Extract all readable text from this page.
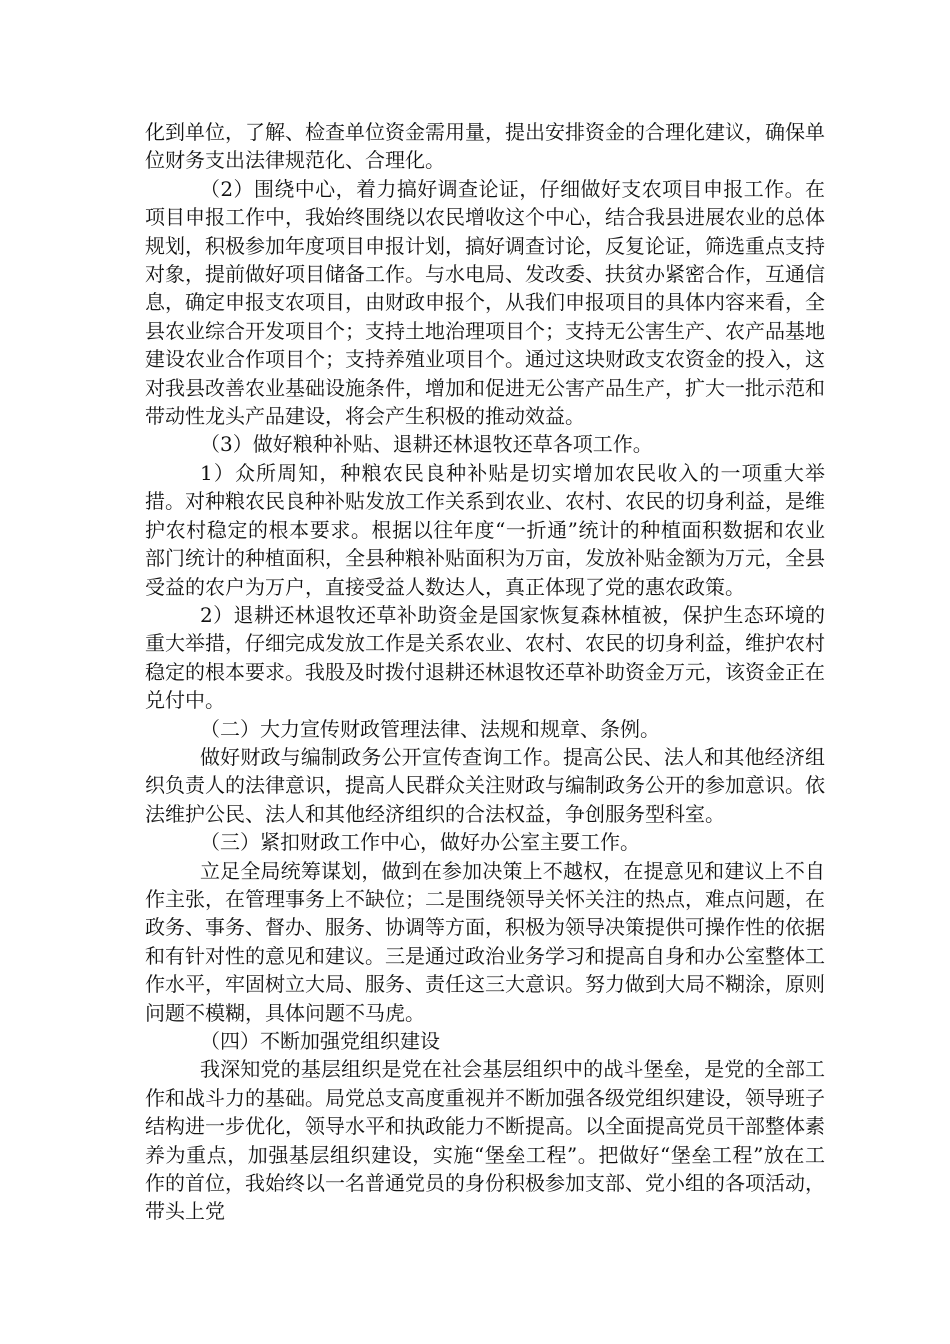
化到单位，了解、检查单位资金需用量，提出安排资金的合理化建议，确保单位财务支出法律规范化、合理化。

（2）围绕中心，着力搞好调查论证，仔细做好支农项目申报工作。在项目申报工作中，我始终围绕以农民增收这个中心，结合我县进展农业的总体规划，积极参加年度项目申报计划，搞好调查讨论，反复论证，筛选重点支持对象，提前做好项目储备工作。与水电局、发改委、扶贫办紧密合作，互通信息，确定申报支农项目，由财政申报个，从我们申报项目的具体内容来看，全县农业综合开发项目个；支持土地治理项目个；支持无公害生产、农产品基地建设农业合作项目个；支持养殖业项目个。通过这块财政支农资金的投入，这对我县改善农业基础设施条件，增加和促进无公害产品生产，扩大一批示范和带动性龙头产品建设，将会产生积极的推动效益。

（3）做好粮种补贴、退耕还林退牧还草各项工作。

1）众所周知，种粮农民良种补贴是切实增加农民收入的一项重大举措。对种粮农民良种补贴发放工作关系到农业、农村、农民的切身利益，是维护农村稳定的根本要求。根据以往年度“一折通”统计的种植面积数据和农业部门统计的种植面积，全县种粮补贴面积为万亩，发放补贴金额为万元，全县受益的农户为万户，直接受益人数达人，真正体现了党的惠农政策。

2）退耕还林退牧还草补助资金是国家恢复森林植被，保护生态环境的重大举措，仔细完成发放工作是关系农业、农村、农民的切身利益，维护农村稳定的根本要求。我股及时拨付退耕还林退牧还草补助资金万元，该资金正在兑付中。

（二）大力宣传财政管理法律、法规和规章、条例。

做好财政与编制政务公开宣传查询工作。提高公民、法人和其他经济组织负责人的法律意识，提高人民群众关注财政与编制政务公开的参加意识。依法维护公民、法人和其他经济组织的合法权益，争创服务型科室。

（三）紧扣财政工作中心，做好办公室主要工作。

立足全局统筹谋划，做到在参加决策上不越权，在提意见和建议上不自作主张，在管理事务上不缺位；二是围绕领导关怀关注的热点，难点问题，在政务、事务、督办、服务、协调等方面，积极为领导决策提供可操作性的依据和有针对性的意见和建议。三是通过政治业务学习和提高自身和办公室整体工作水平，牢固树立大局、服务、责任这三大意识。努力做到大局不糊涂，原则问题不模糊，具体问题不马虎。

（四）不断加强党组织建设

我深知党的基层组织是党在社会基层组织中的战斗堡垒，是党的全部工作和战斗力的基础。局党总支高度重视并不断加强各级党组织建设，领导班子结构进一步优化，领导水平和执政能力不断提高。以全面提高党员干部整体素养为重点，加强基层组织建设，实施“堡垒工程”。把做好“堡垒工程”放在工作的首位，我始终以一名普通党员的身份积极参加支部、党小组的各项活动，带头上党
